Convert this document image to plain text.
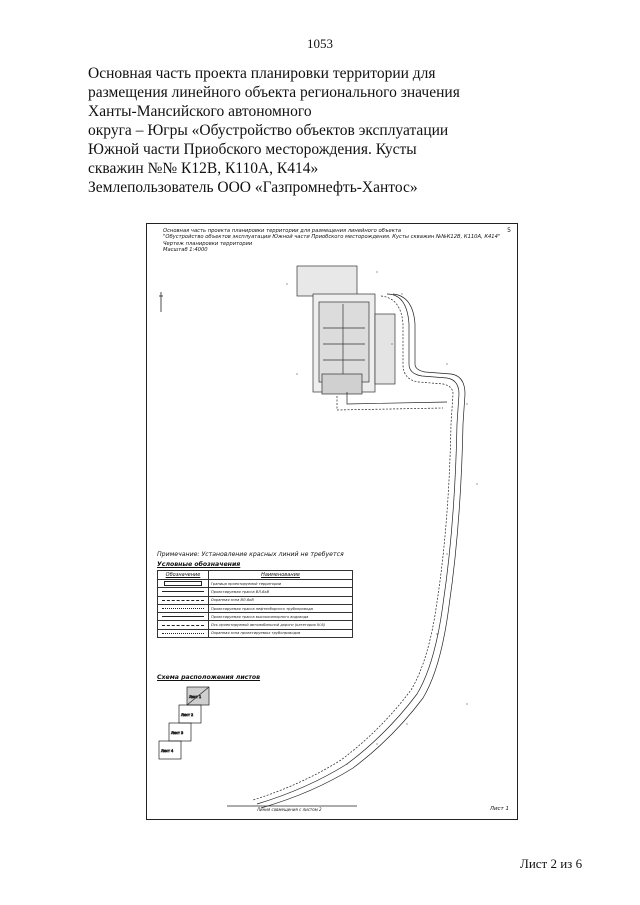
1053
Основная часть проекта планировки территории для
размещения линейного объекта регионального значения
Ханты-Мансийского автономного
округа – Югры «Обустройство объектов эксплуатации
Южной части Приобского месторождения. Кусты
скважин №№ К12В, К110А, К414»
Землепользователь ООО «Газпромнефть-Хантос»
Основная часть проекта планировки территории для размещения линейного объекта
"Обустройство объектов эксплуатации Южной части Приобского месторождения. Кусты скважин №№К12В, К110А, К414"
Чертеж планировки территории
Масштаб 1:4000
5
Лист 2
Лист 3
Лист 4
Лист 1
Примечание: Установление красных линий не требуется
Условные обозначения
Обозначение	Наименование

	Граница проектируемой территории

	Проектируемая трасса ВЛ-6кВ

	Охранная зона ВЛ-6кВ

	Проектируемая трасса нефтесборного трубопровода

	Проектируемая трасса высоконапорного водовода

	Ось проектируемой автомобильной дороги (категория IV-6)

	Охранная зона проектируемых трубопроводов
Схема расположения листов
Линия совмещения с листом 2	Лист 1
Лист 2 из 6
